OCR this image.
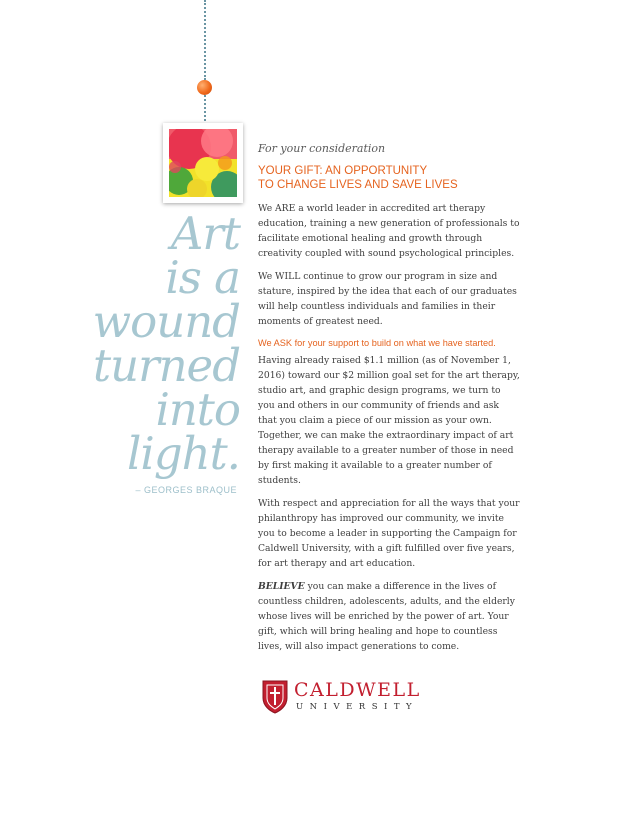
Art
is a
wound
turned
into
light.
– GEORGES BRAQUE

For your consideration

YOUR GIFT: AN OPPORTUNITY
TO CHANGE LIVES AND SAVE LIVES

We ARE a world leader in accredited art therapy education, training a new generation of professionals to facilitate emotional healing and growth through creativity coupled with sound psychological principles.

We WILL continue to grow our program in size and stature, inspired by the idea that each of our graduates will help countless individuals and families in their moments of greatest need.

We ASK for your support to build on what we have started.

Having already raised $1.1 million (as of November 1, 2016) toward our $2 million goal set for the art therapy, studio art, and graphic design programs, we turn to you and others in our community of friends and ask that you claim a piece of our mission as your own. Together, we can make the extraordinary impact of art therapy available to a greater number of those in need by first making it available to a greater number of students.

With respect and appreciation for all the ways that your philanthropy has improved our community, we invite you to become a leader in supporting the Campaign for Caldwell University, with a gift fulfilled over five years, for art therapy and art education.

BELIEVE you can make a difference in the lives of countless children, adolescents, adults, and the elderly whose lives will be enriched by the power of art. Your gift, which will bring healing and hope to countless lives, will also impact generations to come.

CALDWELL
UNIVERSITY
